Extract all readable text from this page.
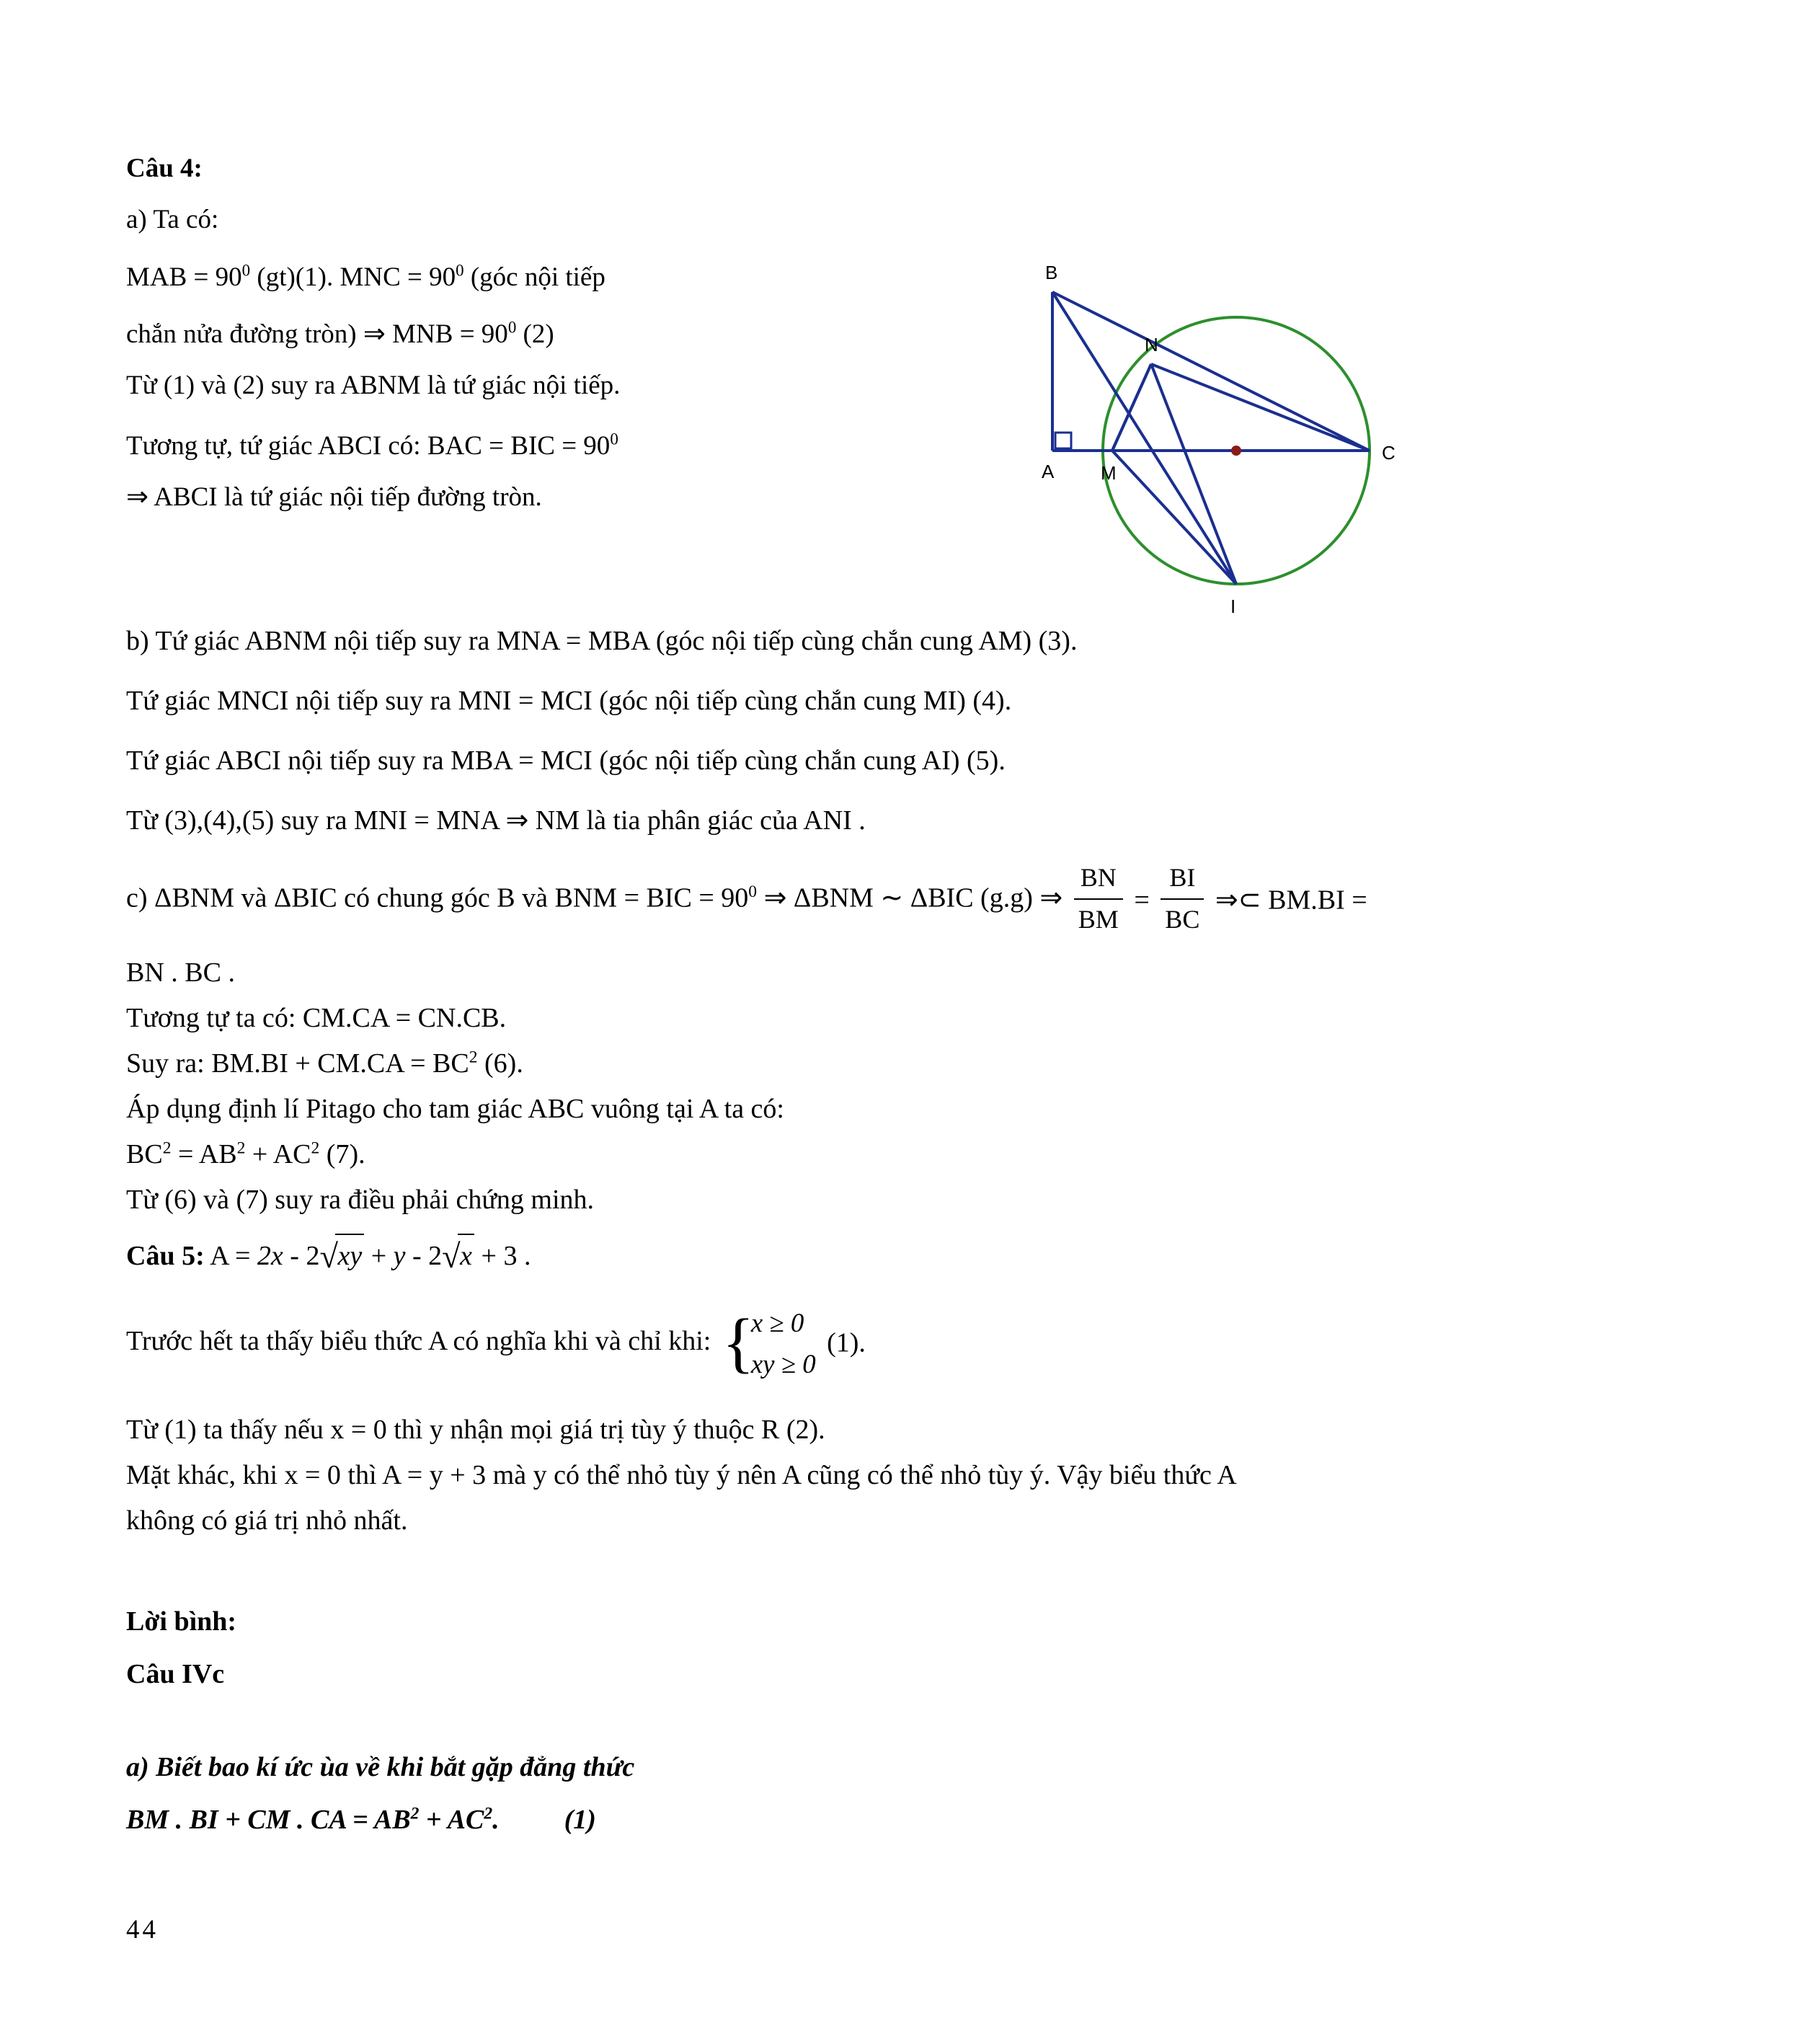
Câu 4:
a) Ta có:
MAB = $90^0$ (gt)(1). MNC = $90^0$ (góc nội tiếp
chắn nửa đường tròn) ⇒ MNB = $90^0$ (2)
Từ (1) và (2) suy ra ABNM là tứ giác nội tiếp.
Tương tự, tứ giác ABCI có: BAC = BIC = $90^0$
⇒ ABCI là tứ giác nội tiếp đường tròn.
A
B
C
M
N
I
b) Tứ giác ABNM nội tiếp suy ra MNA = MBA (góc nội tiếp cùng chắn cung AM) (3).
Tứ giác MNCI nội tiếp suy ra MNI = MCI (góc nội tiếp cùng chắn cung MI) (4).
Tứ giác ABCI nội tiếp suy ra MBA = MCI (góc nội tiếp cùng chắn cung AI) (5).
Từ (3),(4),(5) suy ra MNI = MNA ⇒ NM là tia phân giác của ANI .
c) ΔBNM và ΔBIC có chung góc B và BNM = BIC = $90^0$ ⇒ ΔBNM ∼ ΔBIC (g.g) ⇒ $\frac{BN}{BM} = \frac{BI}{BC}$ ⇒⊂ BM.BI =
BN . BC .
Tương tự ta có: CM.CA = CN.CB.
Suy ra: $BM.BI + CM.CA = BC^2$ (6).
Áp dụng định lí Pitago cho tam giác ABC vuông tại A ta có:
$BC^2 = AB^2 + AC^2$ (7).
Từ (6) và (7) suy ra điều phải chứng minh.
Câu 5: A = 2x - 2 √ xy + y - 2 √ x + 3 .
Trước hết ta thấy biểu thức A có nghĩa khi và chỉ khi: {
x ≥ 0
xy ≥ 0
(1).
Từ (1) ta thấy nếu x = 0 thì y nhận mọi giá trị tùy ý thuộc R (2).
Mặt khác, khi x = 0 thì A = y + 3 mà y có thể nhỏ tùy ý nên A cũng có thể nhỏ tùy ý. Vậy biểu thức A
không có giá trị nhỏ nhất.
Lời bình:
Câu IVc
a) Biết bao kí ức ùa về khi bắt gặp đẳng thức
BM . BI + CM . CA = $AB^2 + AC^2$. (1)
44
